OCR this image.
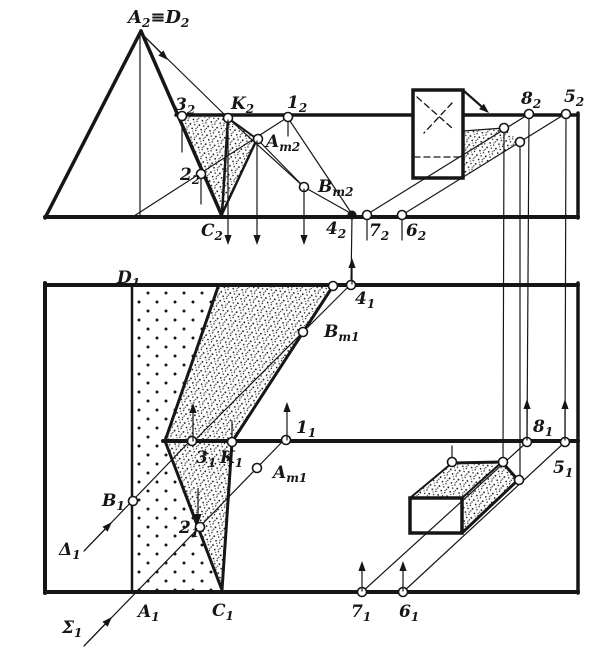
$A_2\equiv D_2$
$3_2$ $K_2$ $1_2$
$A_{т2}$
$2_2$	$B_{т2}$
$C_2$	$4_2$ $7_2$ $6_2$
$8_2$ $5_2$
$D_1$
$4_1$
$B_{т1}$
$1_1$
$3_1$ $K_1$ $A_{т1}$
$B_1$
$\Delta_1$
$2_1$
$A_1$	$C_1$
$\Sigma_1$
$7_1$ $6_1$
$8_1$
$5_1$
